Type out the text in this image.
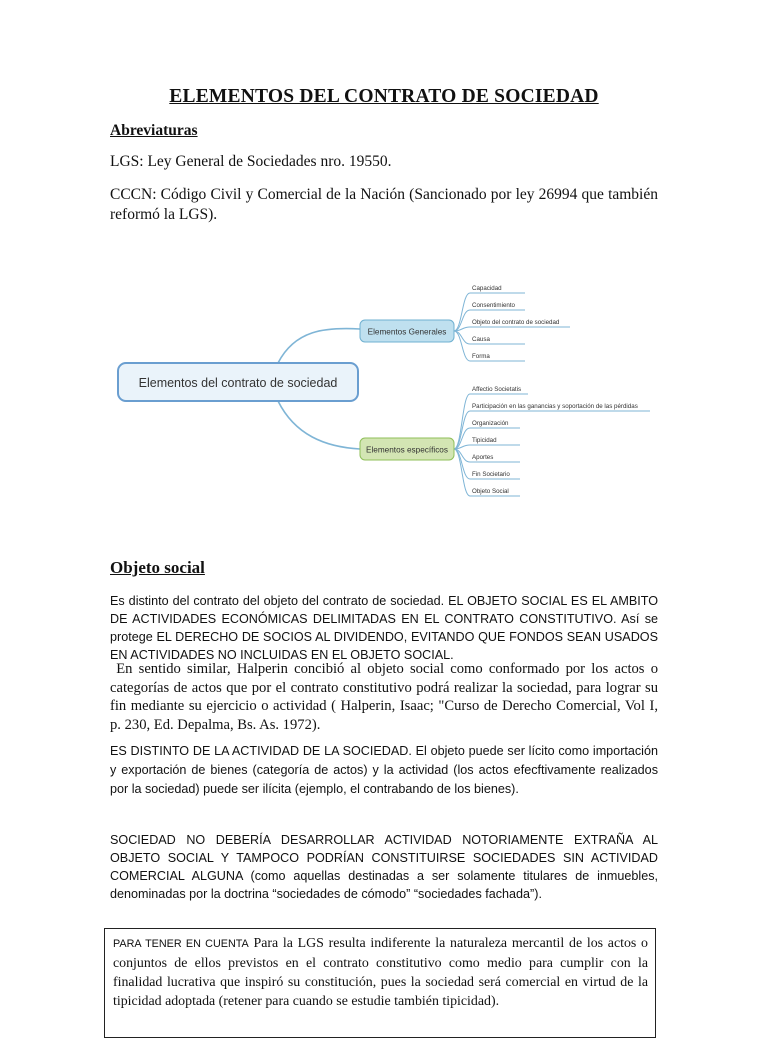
ELEMENTOS DEL CONTRATO DE SOCIEDAD
Abreviaturas
LGS: Ley General de Sociedades nro. 19550.
CCCN: Código Civil y Comercial de la Nación (Sancionado por ley 26994 que también reformó la LGS).
Elementos del contrato de sociedad
Elementos Generales
Elementos específicos
Capacidad
Consentimiento
Objeto del contrato de sociedad
Causa
Forma
Affectio Societatis
Participación en las ganancias y soportación de las pérdidas
Organización
Tipicidad
Aportes
Fin Societario
Objeto Social
Objeto social
Es distinto del contrato del objeto del contrato de sociedad. EL OBJETO SOCIAL ES EL AMBITO DE ACTIVIDADES ECONÓMICAS DELIMITADAS EN EL CONTRATO CONSTITUTIVO. Así se protege EL DERECHO DE SOCIOS AL DIVIDENDO, EVITANDO QUE FONDOS SEAN USADOS EN ACTIVIDADES NO INCLUIDAS EN EL OBJETO SOCIAL.
En sentido similar, Halperin concibió al objeto social como conformado por los actos o categorías de actos que por el contrato constitutivo podrá realizar la sociedad, para lograr su fin mediante su ejercicio o actividad ( Halperin, Isaac; "Curso de Derecho Comercial, Vol I, p. 230, Ed. Depalma, Bs. As. 1972).
ES DISTINTO DE LA ACTIVIDAD DE LA SOCIEDAD. El objeto puede ser lícito como importación y exportación de bienes (categoría de actos) y la actividad (los actos efecftivamente realizados por la sociedad) puede ser ilícita (ejemplo, el contrabando de los bienes).
SOCIEDAD NO DEBERÍA DESARROLLAR ACTIVIDAD NOTORIAMENTE EXTRAÑA AL OBJETO SOCIAL Y TAMPOCO PODRÍAN CONSTITUIRSE SOCIEDADES SIN ACTIVIDAD COMERCIAL ALGUNA (como aquellas destinadas a ser solamente titulares de inmuebles, denominadas por la doctrina “sociedades de cómodo” “sociedades fachada”).
PARA TENER EN CUENTA Para la LGS resulta indiferente la naturaleza mercantil de los actos o conjuntos de ellos previstos en el contrato constitutivo como medio para cumplir con la finalidad lucrativa que inspiró su constitución, pues la sociedad será comercial en virtud de la tipicidad adoptada (retener para cuando se estudie también tipicidad).
